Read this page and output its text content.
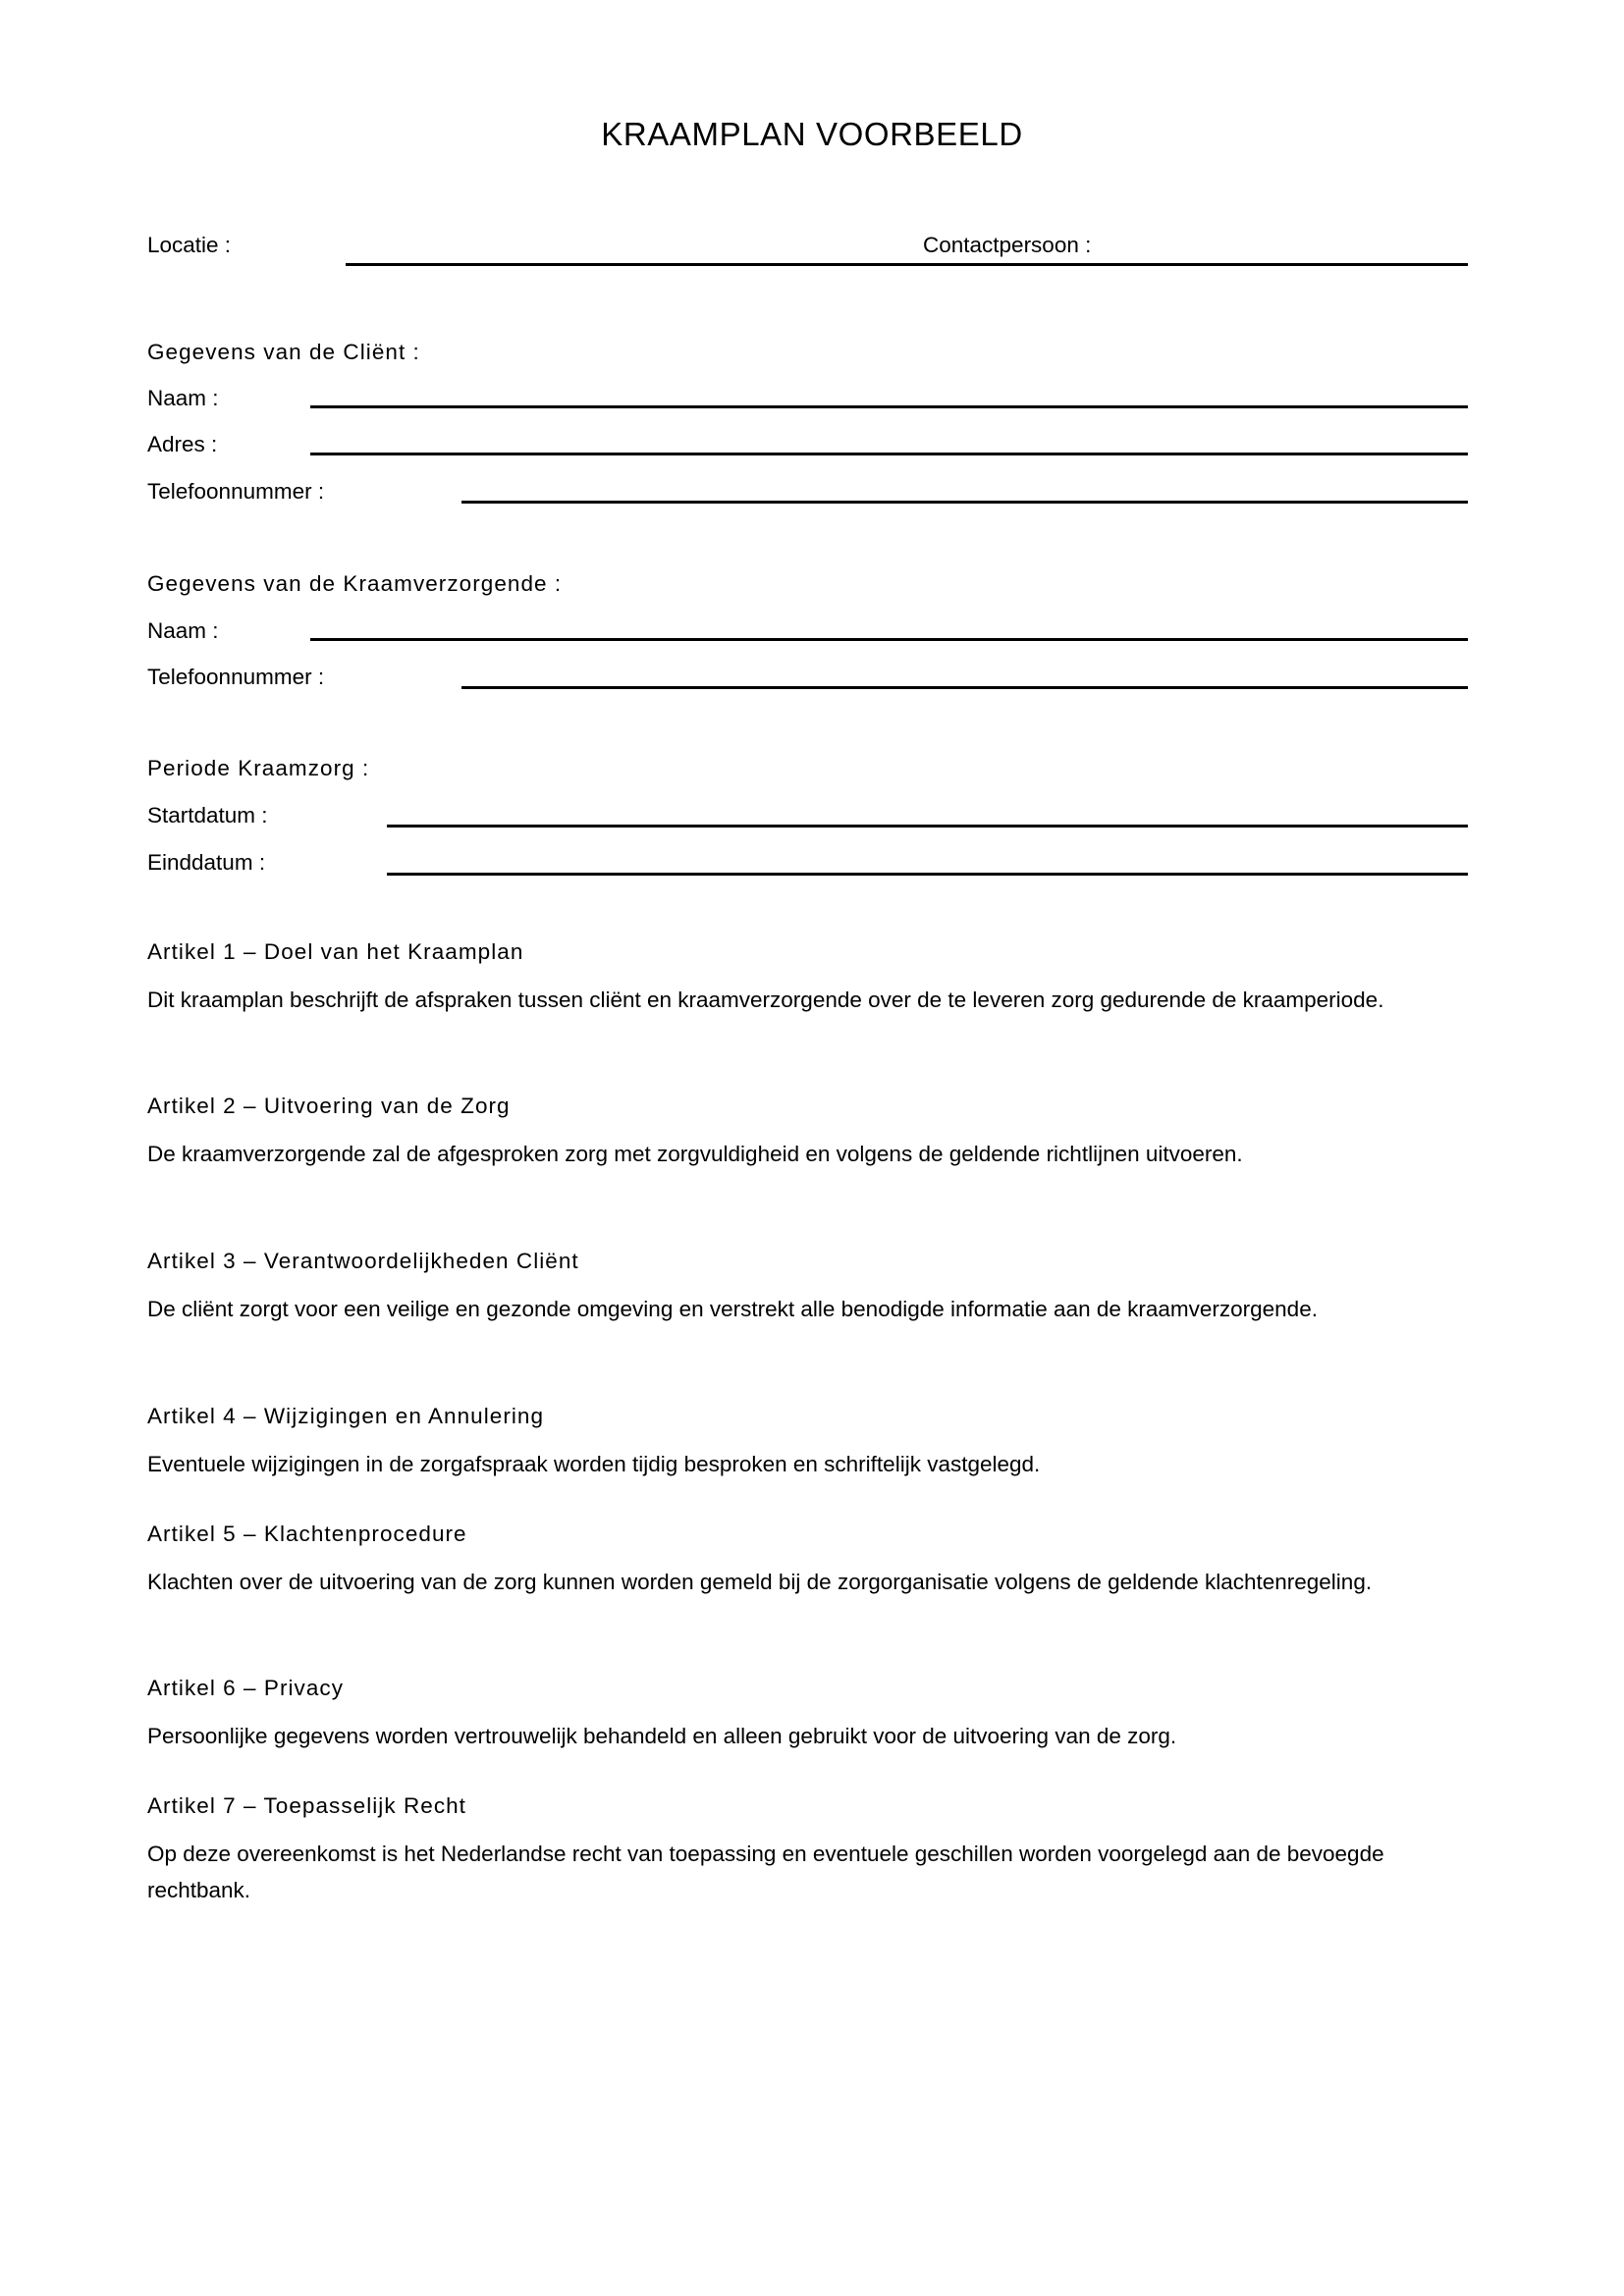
KRAAMPLAN VOORBEELD
Locatie :	Contactpersoon :
Gegevens van de Cliënt :
Naam :
Adres :
Telefoonnummer :
Gegevens van de Kraamverzorgende :
Naam :
Telefoonnummer :
Periode Kraamzorg :
Startdatum :
Einddatum :
Artikel 1 – Doel van het Kraamplan
Dit kraamplan beschrijft de afspraken tussen cliënt en kraamverzorgende over de te leveren zorg gedurende de kraamperiode.
Artikel 2 – Uitvoering van de Zorg
De kraamverzorgende zal de afgesproken zorg met zorgvuldigheid en volgens de geldende richtlijnen uitvoeren.
Artikel 3 – Verantwoordelijkheden Cliënt
De cliënt zorgt voor een veilige en gezonde omgeving en verstrekt alle benodigde informatie aan de kraamverzorgende.
Artikel 4 – Wijzigingen en Annulering
Eventuele wijzigingen in de zorgafspraak worden tijdig besproken en schriftelijk vastgelegd.
Artikel 5 – Klachtenprocedure
Klachten over de uitvoering van de zorg kunnen worden gemeld bij de zorgorganisatie volgens de geldende klachtenregeling.
Artikel 6 – Privacy
Persoonlijke gegevens worden vertrouwelijk behandeld en alleen gebruikt voor de uitvoering van de zorg.
Artikel 7 – Toepasselijk Recht
Op deze overeenkomst is het Nederlandse recht van toepassing en eventuele geschillen worden voorgelegd aan de bevoegde rechtbank.
